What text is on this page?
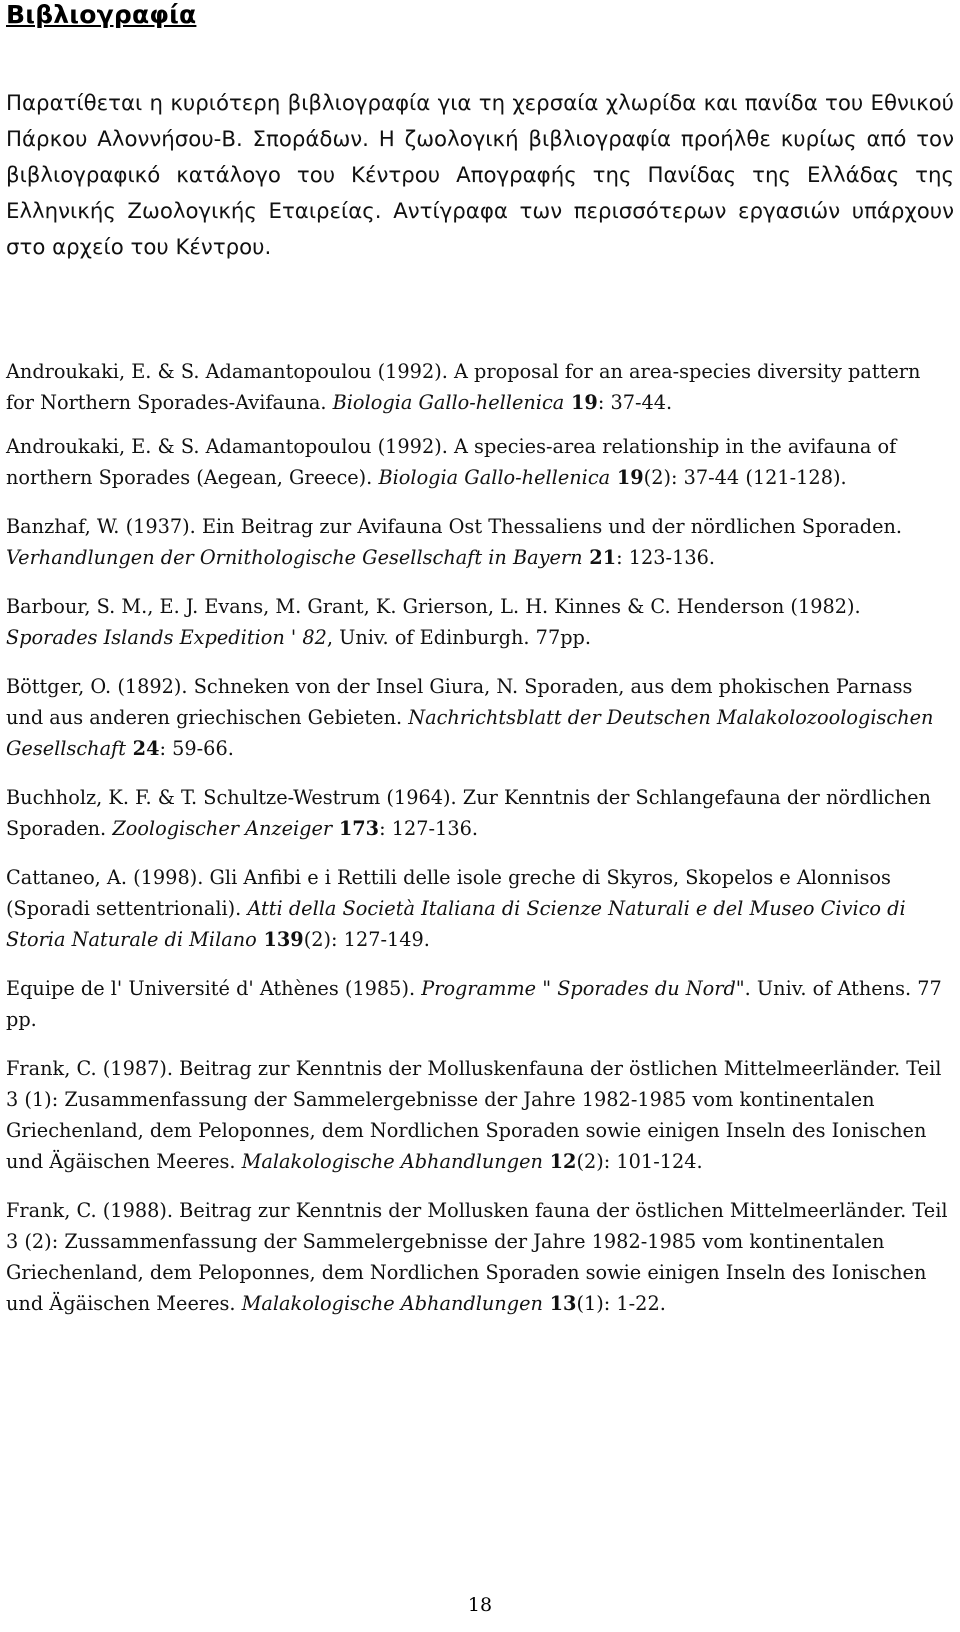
Βιβλιογραφία

Παρατίθεται η κυριότερη βιβλιογραφία για τη χερσαία χλωρίδα και πανίδα του Εθνικού Πάρκου Αλοννήσου-Β. Σποράδων. Η ζωολογική βιβλιογραφία προήλθε κυρίως από τον βιβλιογραφικό κατάλογο του Κέντρου Απογραφής της Πανίδας της Ελλάδας της Ελληνικής Ζωολογικής Εταιρείας. Αντίγραφα των περισσότερων εργασιών υπάρχουν στο αρχείο του Κέντρου.

Androukaki, E. & S. Adamantopoulou (1992). A proposal for an area-species diversity pattern for Northern Sporades-Avifauna. Biologia Gallo-hellenica 19: 37-44.
Androukaki, E. & S. Adamantopoulou (1992). A species-area relationship in the avifauna of northern Sporades (Aegean, Greece). Biologia Gallo-hellenica 19(2): 37-44 (121-128).
Banzhaf, W. (1937). Ein Beitrag zur Avifauna Ost Thessaliens und der nördlichen Sporaden. Verhandlungen der Ornithologische Gesellschaft in Bayern 21: 123-136.
Barbour, S. M., E. J. Evans, M. Grant, K. Grierson, L. H. Kinnes & C. Henderson (1982). Sporades Islands Expedition ' 82, Univ. of Edinburgh. 77pp.
Böttger, O. (1892). Schneken von der Insel Giura, N. Sporaden, aus dem phokischen Parnass und aus anderen griechischen Gebieten. Nachrichtsblatt der Deutschen Malakolozoologischen Gesellschaft 24: 59-66.
Buchholz, K. F. & T. Schultze-Westrum (1964). Zur Kenntnis der Schlangefauna der nördlichen Sporaden. Zoologischer Anzeiger 173: 127-136.
Cattaneo, A. (1998). Gli Anfibi e i Rettili delle isole greche di Skyros, Skopelos e Alonnisos (Sporadi settentrionali). Atti della Società Italiana di Scienze Naturali e del Museo Civico di Storia Naturale di Milano 139(2): 127-149.
Equipe de l' Université d' Athènes (1985). Programme " Sporades du Nord". Univ. of Athens. 77 pp.
Frank, C. (1987). Beitrag zur Kenntnis der Molluskenfauna der östlichen Mittelmeerländer. Teil 3 (1): Zusammenfassung der Sammelergebnisse der Jahre 1982-1985 vom kontinentalen Griechenland, dem Peloponnes, dem Nordlichen Sporaden sowie einigen Inseln des Ionischen und Ägäischen Meeres. Malakologische Abhandlungen 12(2): 101-124.
Frank, C. (1988). Beitrag zur Kenntnis der Mollusken fauna der östlichen Mittelmeerländer. Teil 3 (2): Zussammenfassung der Sammelergebnisse der Jahre 1982-1985 vom kontinentalen Griechenland, dem Peloponnes, dem Nordlichen Sporaden sowie einigen Inseln des Ionischen und Ägäischen Meeres. Malakologische Abhandlungen 13(1): 1-22.
18
